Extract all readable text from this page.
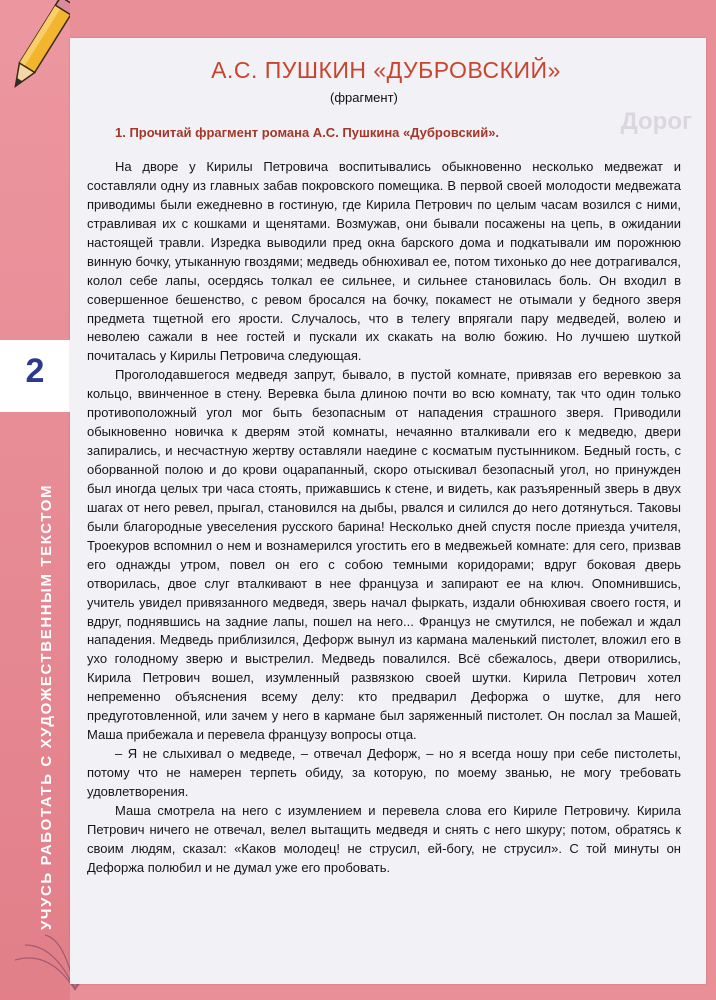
2
УЧУСЬ РАБОТАТЬ С ХУДОЖЕСТВЕННЫМ ТЕКСТОМ
Дорог
А.С. ПУШКИН «ДУБРОВСКИЙ»
(фрагмент)
1. Прочитай фрагмент романа А.С. Пушкина «Дубровский».

На дворе у Кирилы Петровича воспитывались обыкновенно несколько медвежат и составляли одну из главных забав покровского помещика. В первой своей молодости медвежата приводимы были ежедневно в гостиную, где Кирила Петрович по целым часам возился с ними, стравливая их с кошками и щенятами. Возмужав, они бывали посажены на цепь, в ожидании настоящей травли. Изредка выводили пред окна барского дома и подкатывали им порожнюю винную бочку, утыканную гвоздями; медведь обнюхивал ее, потом тихонько до нее дотрагивался, колол себе лапы, осердясь толкал ее сильнее, и сильнее становилась боль. Он входил в совершенное бешенство, с ревом бросался на бочку, покамест не отымали у бедного зверя предмета тщетной его ярости. Случалось, что в телегу впрягали пару медведей, волею и неволею сажали в нее гостей и пускали их скакать на волю божию. Но лучшею шуткой почиталась у Кирилы Петровича следующая.

Проголодавшегося медведя запрут, бывало, в пустой комнате, привязав его веревкою за кольцо, ввинченное в стену. Веревка была длиною почти во всю комнату, так что один только противоположный угол мог быть безопасным от нападения страшного зверя. Приводили обыкновенно новичка к дверям этой комнаты, нечаянно вталкивали его к медведю, двери запирались, и несчастную жертву оставляли наедине с косматым пустынником. Бедный гость, с оборванной полою и до крови оцарапанный, скоро отыскивал безопасный угол, но принужден был иногда целых три часа стоять, прижавшись к стене, и видеть, как разъяренный зверь в двух шагах от него ревел, прыгал, становился на дыбы, рвался и силился до него дотянуться. Таковы были благородные увеселения русского барина! Несколько дней спустя после приезда учителя, Троекуров вспомнил о нем и вознамерился угостить его в медвежьей комнате: для сего, призвав его однажды утром, повел он его с собою темными коридорами; вдруг боковая дверь отворилась, двое слуг вталкивают в нее француза и запирают ее на ключ. Опомнившись, учитель увидел привязанного медведя, зверь начал фыркать, издали обнюхивая своего гостя, и вдруг, поднявшись на задние лапы, пошел на него... Француз не смутился, не побежал и ждал нападения. Медведь приблизился, Дефорж вынул из кармана маленький пистолет, вложил его в ухо голодному зверю и выстрелил. Медведь повалился. Всё сбежалось, двери отворились, Кирила Петрович вошел, изумленный развязкою своей шутки. Кирила Петрович хотел непременно объяснения всему делу: кто предварил Дефоржа о шутке, для него предуготовленной, или зачем у него в кармане был заряженный пистолет. Он послал за Машей, Маша прибежала и перевела французу вопросы отца.

– Я не слыхивал о медведе, – отвечал Дефорж, – но я всегда ношу при себе пистолеты, потому что не намерен терпеть обиду, за которую, по моему званью, не могу требовать удовлетворения.

Маша смотрела на него с изумлением и перевела слова его Кириле Петровичу. Кирила Петрович ничего не отвечал, велел вытащить медведя и снять с него шкуру; потом, обратясь к своим людям, сказал: «Каков молодец! не струсил, ей-богу, не струсил». С той минуты он Дефоржа полюбил и не думал уже его пробовать.
